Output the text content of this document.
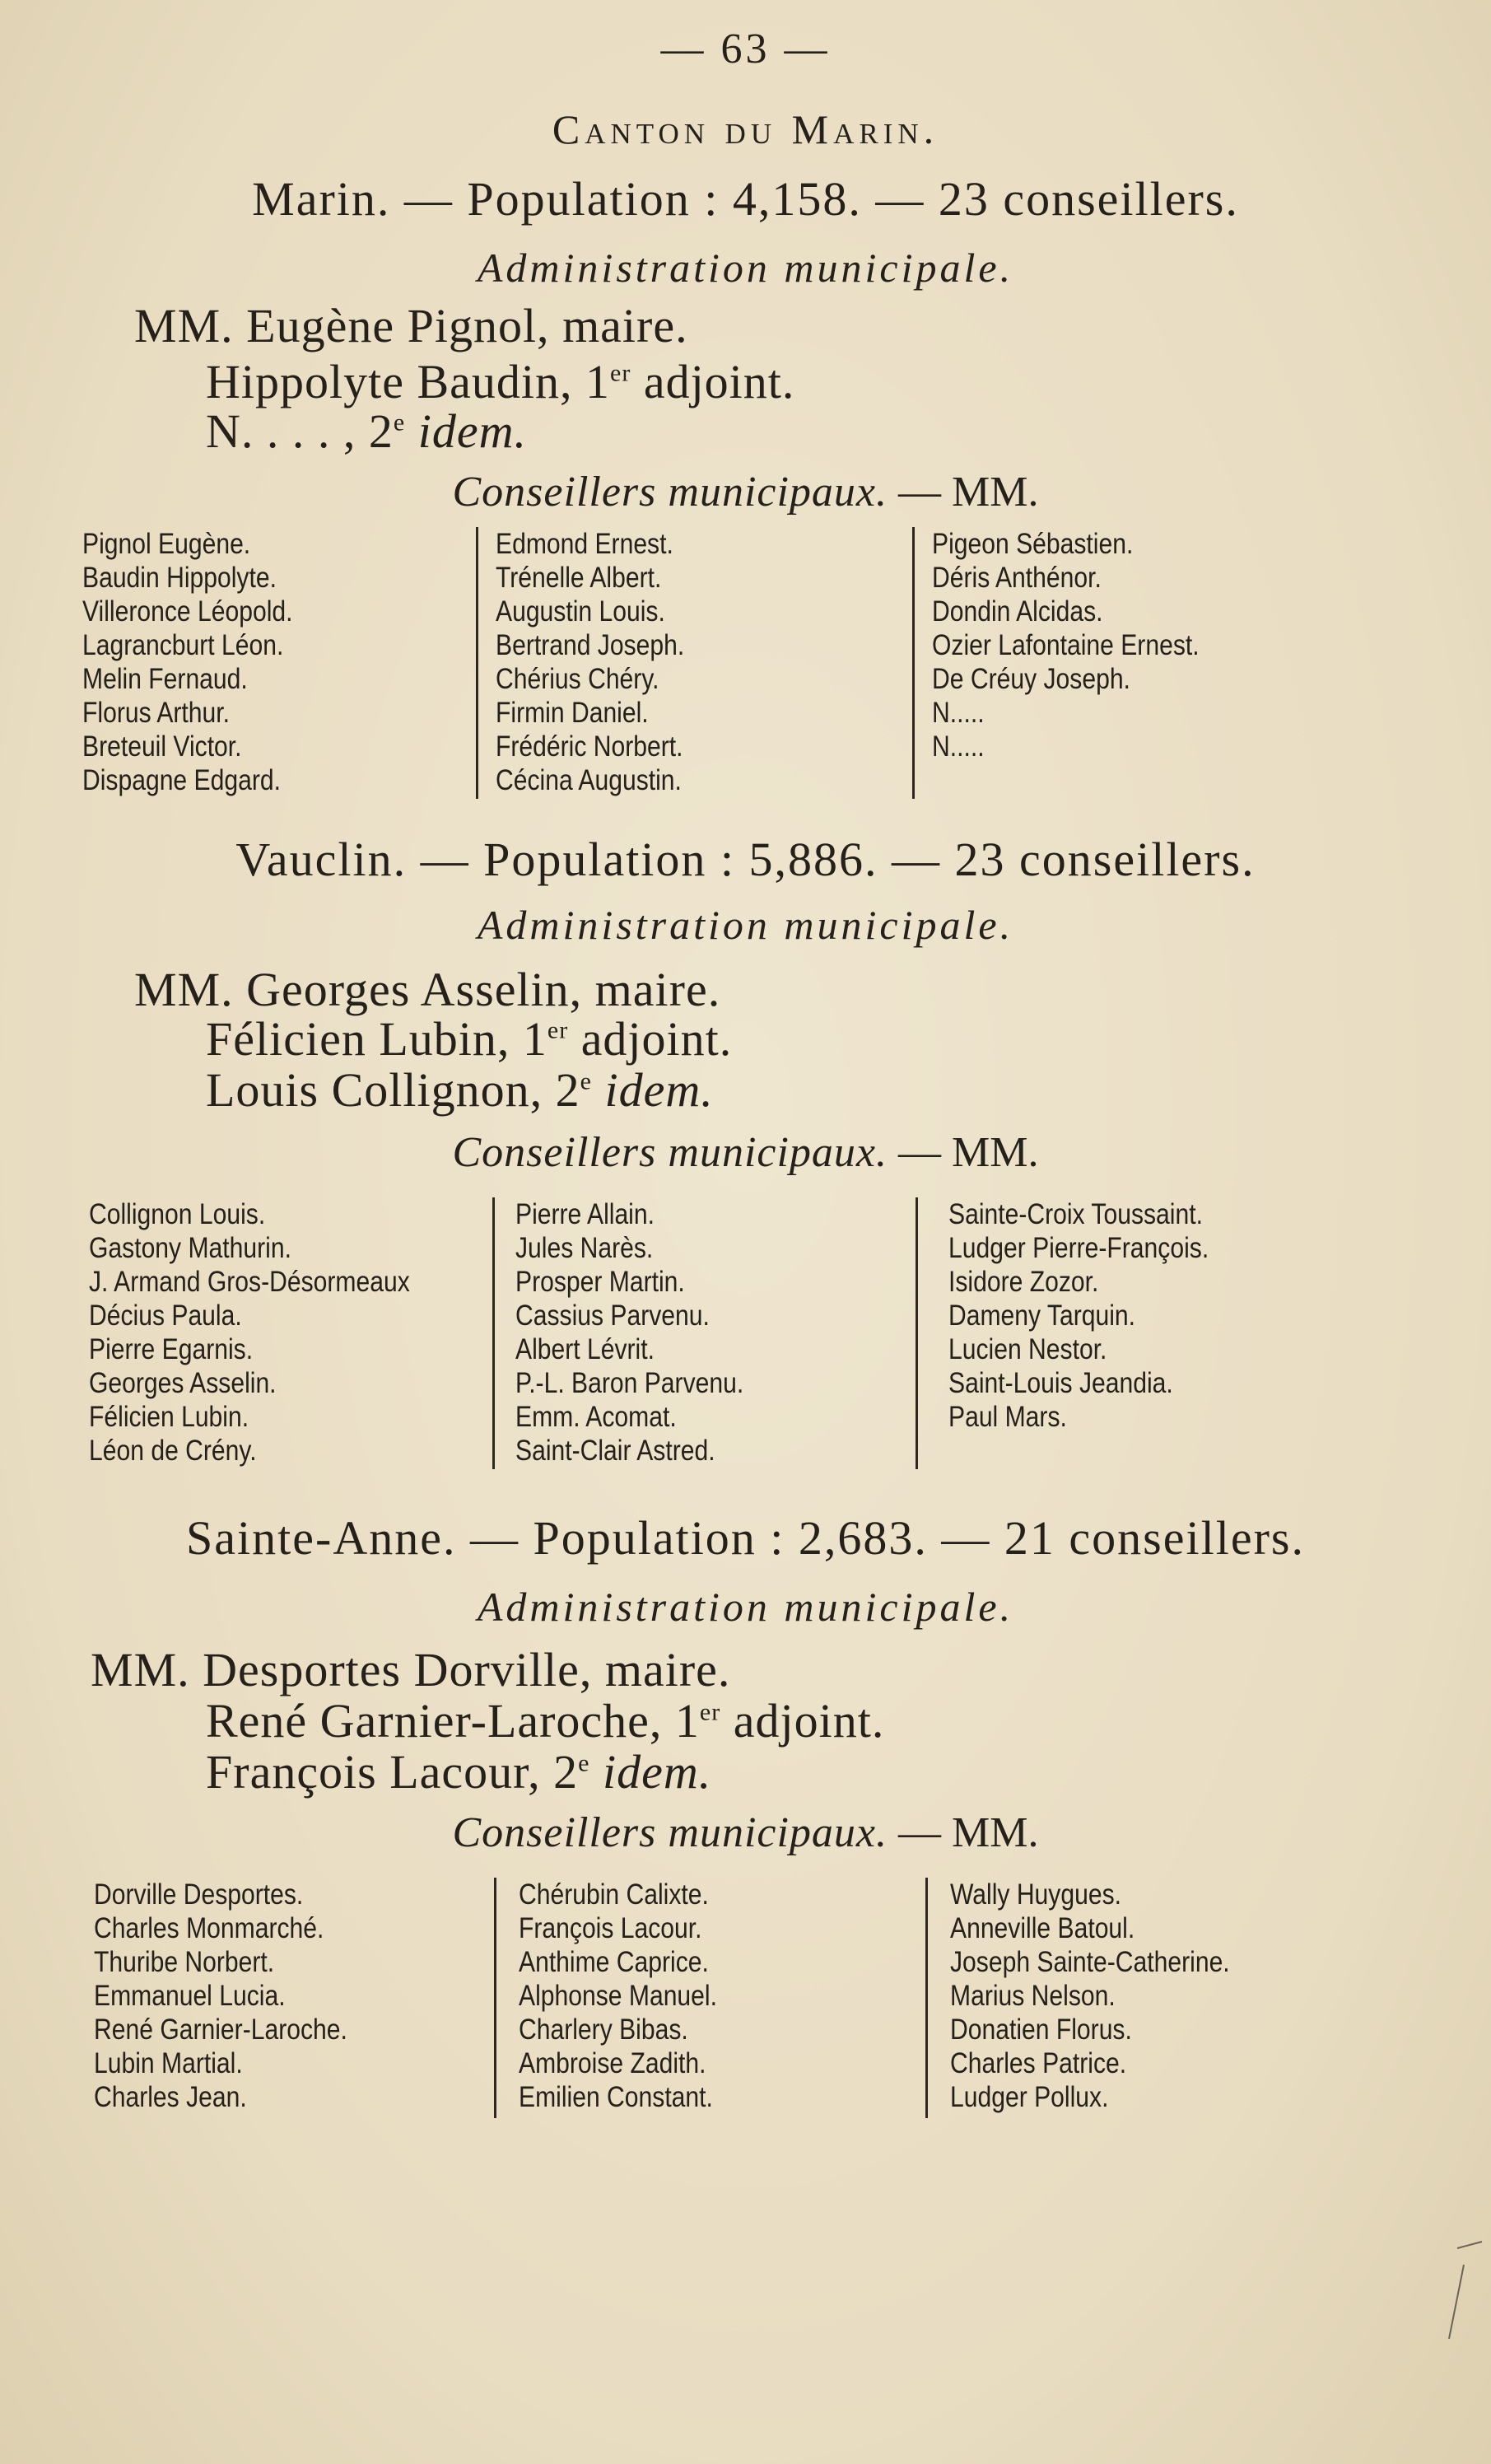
— 63 —
Canton du Marin.
Marin. — Population : 4,158. — 23 conseillers.
Administration municipale.
MM. Eugène Pignol, maire.
Hippolyte Baudin, 1er adjoint.
N. . . . , 2e idem.
Conseillers municipaux. — MM.
Pignol Eugène.
Baudin Hippolyte.
Villeronce Léopold.
Lagrancburt Léon.
Melin Fernaud.
Florus Arthur.
Breteuil Victor.
Dispagne Edgard.
Edmond Ernest.
Trénelle Albert.
Augustin Louis.
Bertrand Joseph.
Chérius Chéry.
Firmin Daniel.
Frédéric Norbert.
Cécina Augustin.
Pigeon Sébastien.
Déris Anthénor.
Dondin Alcidas.
Ozier Lafontaine Ernest.
De Créuy Joseph.
N.....
N.....
Vauclin. — Population : 5,886. — 23 conseillers.
Administration municipale.
MM. Georges Asselin, maire.
Félicien Lubin, 1er adjoint.
Louis Collignon, 2e idem.
Conseillers municipaux. — MM.
Collignon Louis.
Gastony Mathurin.
J. Armand Gros-Désormeaux
Décius Paula.
Pierre Egarnis.
Georges Asselin.
Félicien Lubin.
Léon de Crény.
Pierre Allain.
Jules Narès.
Prosper Martin.
Cassius Parvenu.
Albert Lévrit.
P.-L. Baron Parvenu.
Emm. Acomat.
Saint-Clair Astred.
Sainte-Croix Toussaint.
Ludger Pierre-François.
Isidore Zozor.
Dameny Tarquin.
Lucien Nestor.
Saint-Louis Jeandia.
Paul Mars.
Sainte-Anne. — Population : 2,683. — 21 conseillers.
Administration municipale.
MM. Desportes Dorville, maire.
René Garnier-Laroche, 1er adjoint.
François Lacour, 2e idem.
Conseillers municipaux. — MM.
Dorville Desportes.
Charles Monmarché.
Thuribe Norbert.
Emmanuel Lucia.
René Garnier-Laroche.
Lubin Martial.
Charles Jean.
Chérubin Calixte.
François Lacour.
Anthime Caprice.
Alphonse Manuel.
Charlery Bibas.
Ambroise Zadith.
Emilien Constant.
Wally Huygues.
Anneville Batoul.
Joseph Sainte-Catherine.
Marius Nelson.
Donatien Florus.
Charles Patrice.
Ludger Pollux.
